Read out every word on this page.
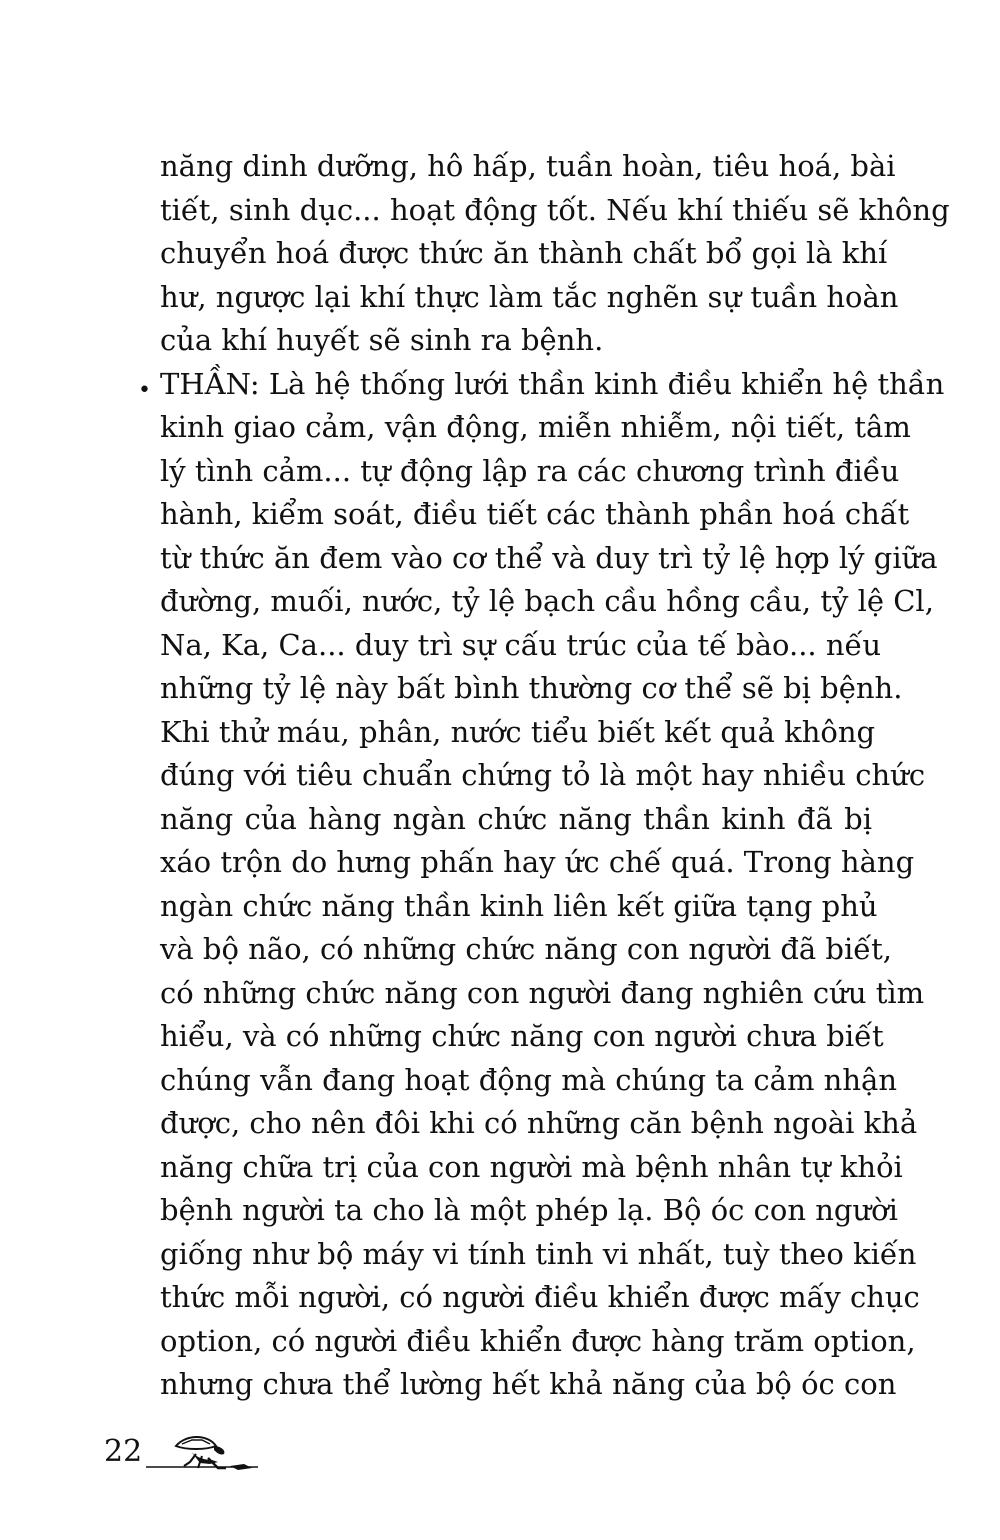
•
năng dinh dưỡng, hô hấp, tuần hoàn, tiêu hoá, bài
tiết, sinh dục... hoạt động tốt. Nếu khí thiếu sẽ không
chuyển hoá được thức ăn thành chất bổ gọi là khí
hư, ngược lại khí thực làm tắc nghẽn sự tuần hoàn
của khí huyết sẽ sinh ra bệnh.
THẦN: Là hệ thống lưới thần kinh điều khiển hệ thần
kinh giao cảm, vận động, miễn nhiễm, nội tiết, tâm
lý tình cảm... tự động lập ra các chương trình điều
hành, kiểm soát, điều tiết các thành phần hoá chất
từ thức ăn đem vào cơ thể và duy trì tỷ lệ hợp lý giữa
đường, muối, nước, tỷ lệ bạch cầu hồng cầu, tỷ lệ Cl,
Na, Ka, Ca... duy trì sự cấu trúc của tế bào... nếu
những tỷ lệ này bất bình thường cơ thể sẽ bị bệnh.
Khi thử máu, phân, nước tiểu biết kết quả không
đúng với tiêu chuẩn chứng tỏ là một hay nhiều chức
năng của hàng ngàn chức năng thần kinh đã bị
xáo trộn do hưng phấn hay ức chế quá. Trong hàng
ngàn chức năng thần kinh liên kết giữa tạng phủ
và bộ não, có những chức năng con người đã biết,
có những chức năng con người đang nghiên cứu tìm
hiểu, và có những chức năng con người chưa biết
chúng vẫn đang hoạt động mà chúng ta cảm nhận
được, cho nên đôi khi có những căn bệnh ngoài khả
năng chữa trị của con người mà bệnh nhân tự khỏi
bệnh người ta cho là một phép lạ. Bộ óc con người
giống như bộ máy vi tính tinh vi nhất, tuỳ theo kiến
thức mỗi người, có người điều khiển được mấy chục
option, có người điều khiển được hàng trăm option,
nhưng chưa thể lường hết khả năng của bộ óc con
22
